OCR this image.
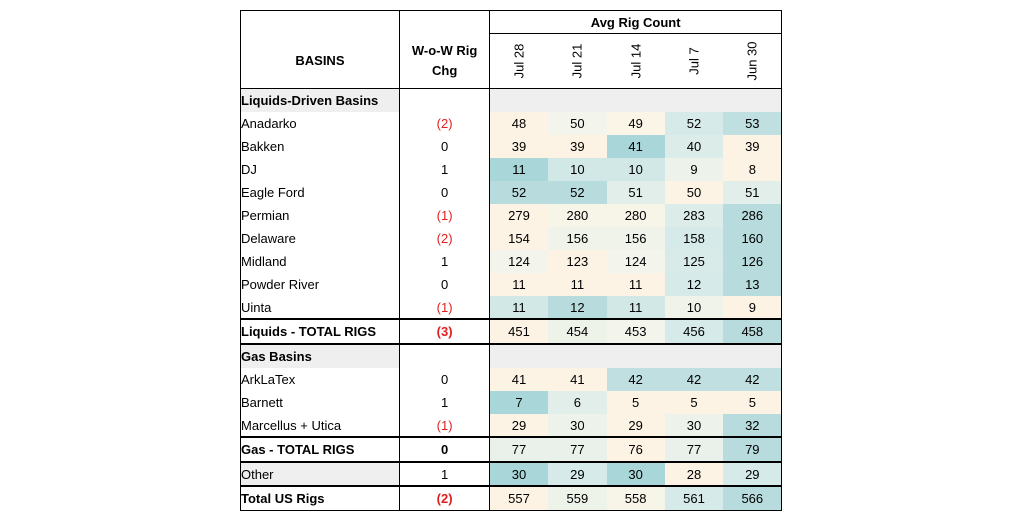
		Avg Rig Count				
BASINS	W-o-W Rig Chg	Jul 28	Jul 21	Jul 14	Jul 7	Jun 30

Liquids-Driven Basins						
Anadarko	(2)	48	50	49	52	53
Bakken	0	39	39	41	40	39
DJ	1	11	10	10	9	8
Eagle Ford	0	52	52	51	50	51
Permian	(1)	279	280	280	283	286
Delaware	(2)	154	156	156	158	160
Midland	1	124	123	124	125	126
Powder River	0	11	11	11	12	13
Uinta	(1)	11	12	11	10	9
Liquids - TOTAL RIGS	(3)	451	454	453	456	458
Gas Basins						
ArkLaTex	0	41	41	42	42	42
Barnett	1	7	6	5	5	5
Marcellus + Utica	(1)	29	30	29	30	32
Gas - TOTAL RIGS	0	77	77	76	77	79
Other	1	30	29	30	28	29
Total US Rigs	(2)	557	559	558	561	566
